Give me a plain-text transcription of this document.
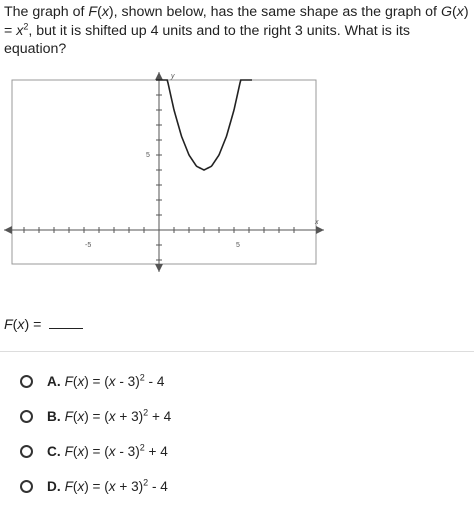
The graph of F(x), shown below, has the same shape as the graph of $G(x) = x^2$, but it is shifted up 4 units and to the right 3 units. What is its equation?

x
y
-5	5
5
F(x) =
A. F(x) = (x - 3)$^2$ - 4
B. $F(x) = (x + 3)^2 + 4$
C. F(x) = (x - 3)$^2$ + 4
D. $F(x) = (x + 3)^2 - 4$
